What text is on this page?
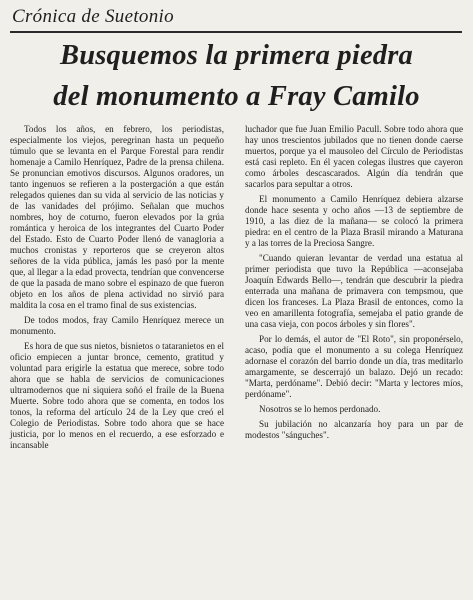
Crónica de Suetonio
Busquemos la primera piedra
del monumento a Fray Camilo

Todos los años, en febrero, los periodistas, especialmente los viejos, peregrinan hasta un pequeño túmulo que se levanta en el Parque Forestal para rendir homenaje a Camilo Henríquez, Padre de la prensa chilena. Se pronuncian emotivos discursos. Algunos oradores, un tanto ingenuos se refieren a la postergación a que están relegados quienes dan su vida al servicio de las noticias y de las vanidades del prójimo. Señalan que muchos nombres, hoy de coturno, fueron elevados por la grúa romántica y heroica de los integrantes del Cuarto Poder del Estado. Esto de Cuarto Poder llenó de vanagloria a muchos cronistas y reporteros que se creyeron altos señores de la vida pública, jamás les pasó por la mente que, al llegar a la edad provecta, tendrían que convencerse de que la pasada de mano sobre el espinazo de que fueron objeto en los años de plena actividad no sirvió para maldita la cosa en el tramo final de sus existencias.

De todos modos, fray Camilo Henríquez merece un monumento.

Es hora de que sus nietos, bisnietos o tataranietos en el oficio empiecen a juntar bronce, cemento, gratitud y voluntad para erigirle la estatua que merece, sobre todo ahora que se habla de servicios de comunicaciones ultramodernos que ni siquiera soñó el fraile de la Buena Muerte. Sobre todo ahora que se comenta, en todos los tonos, la reforma del artículo 24 de la Ley que creó el Colegio de Periodistas. Sobre todo ahora que se hace justicia, por lo menos en el recuerdo, a ese esforzado e incansable

luchador que fue Juan Emilio Pacull. Sobre todo ahora que hay unos trescientos jubilados que no tienen donde caerse muertos, porque ya el mausoleo del Círculo de Periodistas está casi repleto. En él yacen colegas ilustres que cayeron como árboles descascarados. Algún día tendrán que sacarlos para sepultar a otros.

El monumento a Camilo Henríquez debiera alzarse donde hace sesenta y ocho años —13 de septiembre de 1910, a las diez de la mañana— se colocó la primera piedra: en el centro de la Plaza Brasil mirando a Maturana y a las torres de la Preciosa Sangre.

"Cuando quieran levantar de verdad una estatua al primer periodista que tuvo la República —aconsejaba Joaquín Edwards Bello—, tendrán que descubrir la piedra enterrada una mañana de primavera con tempsmou, que dicen los franceses. La Plaza Brasil de entonces, como la veo en amarillenta fotografía, semejaba el patio grande de una casa vieja, con pocos árboles y sin flores".

Por lo demás, el autor de "El Roto", sin proponérselo, acaso, podía que el monumento a su colega Henríquez adornase el corazón del barrio donde un día, tras meditarlo amargamente, se descerrajó un balazo. Dejó un recado: "Marta, perdóname". Debió decir: "Marta y lectores míos, perdóname".

Nosotros se lo hemos perdonado.

Su jubilación no alcanzaría hoy para un par de modestos "sánguches".
